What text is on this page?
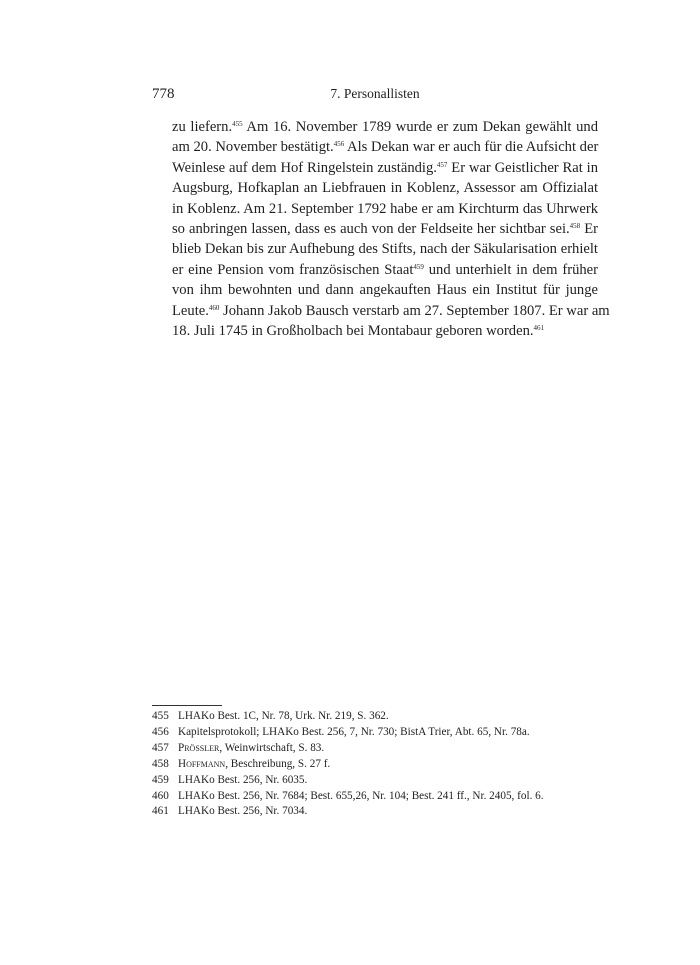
778	7. Personallisten
zu liefern.$^{455}$ Am 16. November 1789 wurde er zum Dekan gewählt und
am 20. November bestätigt.$^{456}$ Als Dekan war er auch für die Aufsicht der
Weinlese auf dem Hof Ringelstein zuständig.$^{457}$ Er war Geistlicher Rat in
Augsburg, Hofkaplan an Liebfrauen in Koblenz, Assessor am Offizialat
in Koblenz. Am 21. September 1792 habe er am Kirchturm das Uhrwerk
so anbringen lassen, dass es auch von der Feldseite her sichtbar sei.$^{458}$ Er
blieb Dekan bis zur Aufhebung des Stifts, nach der Säkularisation erhielt
er eine Pension vom französischen Staat$^{459}$ und unterhielt in dem früher
von ihm bewohnten und dann angekauften Haus ein Institut für junge
Leute.$^{460}$ Johann Jakob Bausch verstarb am 27. September 1807. Er war am
18. Juli 1745 in Großholbach bei Montabaur geboren worden.$^{461}$
455 LHAKo Best. 1C, Nr. 78, Urk. Nr. 219, S. 362.
456 Kapitelsprotokoll; LHAKo Best. 256, 7, Nr. 730; BistA Trier, Abt. 65, Nr. 78a.
457 Prössler, Weinwirtschaft, S. 83.
458 Hoffmann, Beschreibung, S. 27 f.
459 LHAKo Best. 256, Nr. 6035.
460 LHAKo Best. 256, Nr. 7684; Best. 655,26, Nr. 104; Best. 241 ff., Nr. 2405, fol. 6.
461 LHAKo Best. 256, Nr. 7034.
